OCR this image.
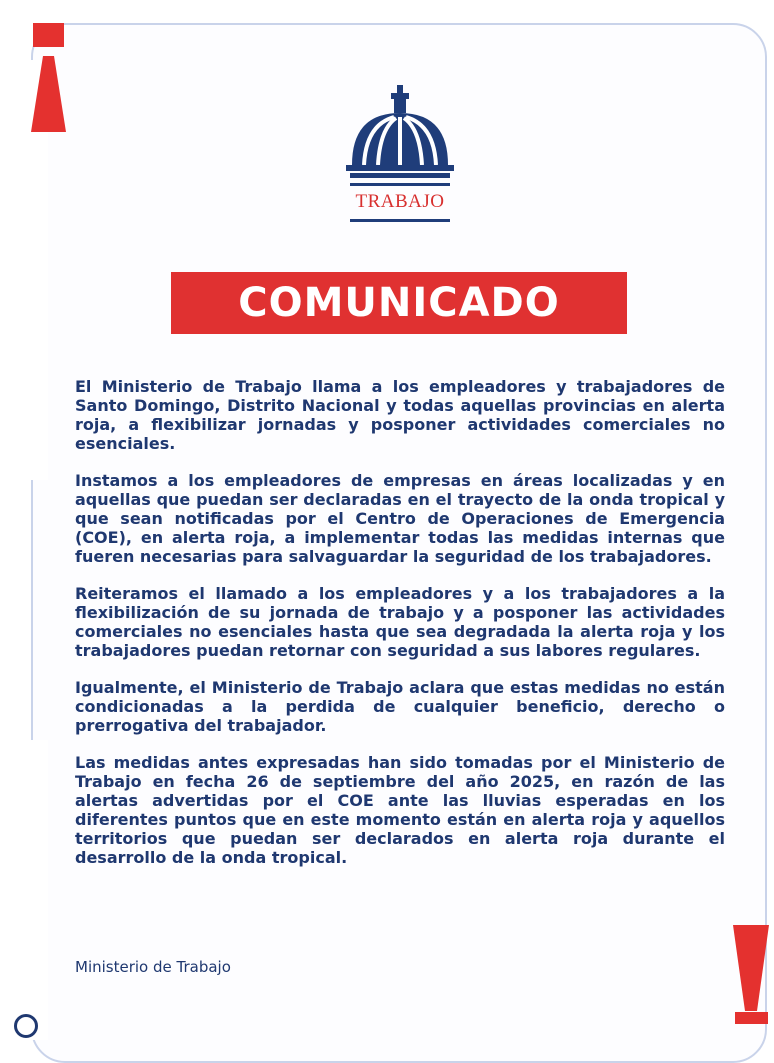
TRABAJO
COMUNICADO

El Ministerio de Trabajo llama a los empleadores y trabajadores de Santo Domingo, Distrito Nacional y todas aquellas provincias en alerta roja, a flexibilizar jornadas y posponer actividades comerciales no esenciales.

Instamos a los empleadores de empresas en áreas localizadas y en aquellas que puedan ser declaradas en el trayecto de la onda tropical y que sean notificadas por el Centro de Operaciones de Emergencia (COE), en alerta roja, a implementar todas las medidas internas que fueren necesarias para salvaguardar la seguridad de los trabajadores.

Reiteramos el llamado a los empleadores y a los trabajadores a la flexibilización de su jornada de trabajo y a posponer las actividades comerciales no esenciales hasta que sea degradada la alerta roja y los trabajadores puedan retornar con seguridad a sus labores regulares.

Igualmente, el Ministerio de Trabajo aclara que estas medidas no están condicionadas a la perdida de cualquier beneficio, derecho o prerrogativa del trabajador.

Las medidas antes expresadas han sido tomadas por el Ministerio de Trabajo en fecha 26 de septiembre del año 2025, en razón de las alertas advertidas por el COE ante las lluvias esperadas en los diferentes puntos que en este momento están en alerta roja y aquellos territorios que puedan ser declarados en alerta roja durante el desarrollo de la onda tropical.

Ministerio de Trabajo
